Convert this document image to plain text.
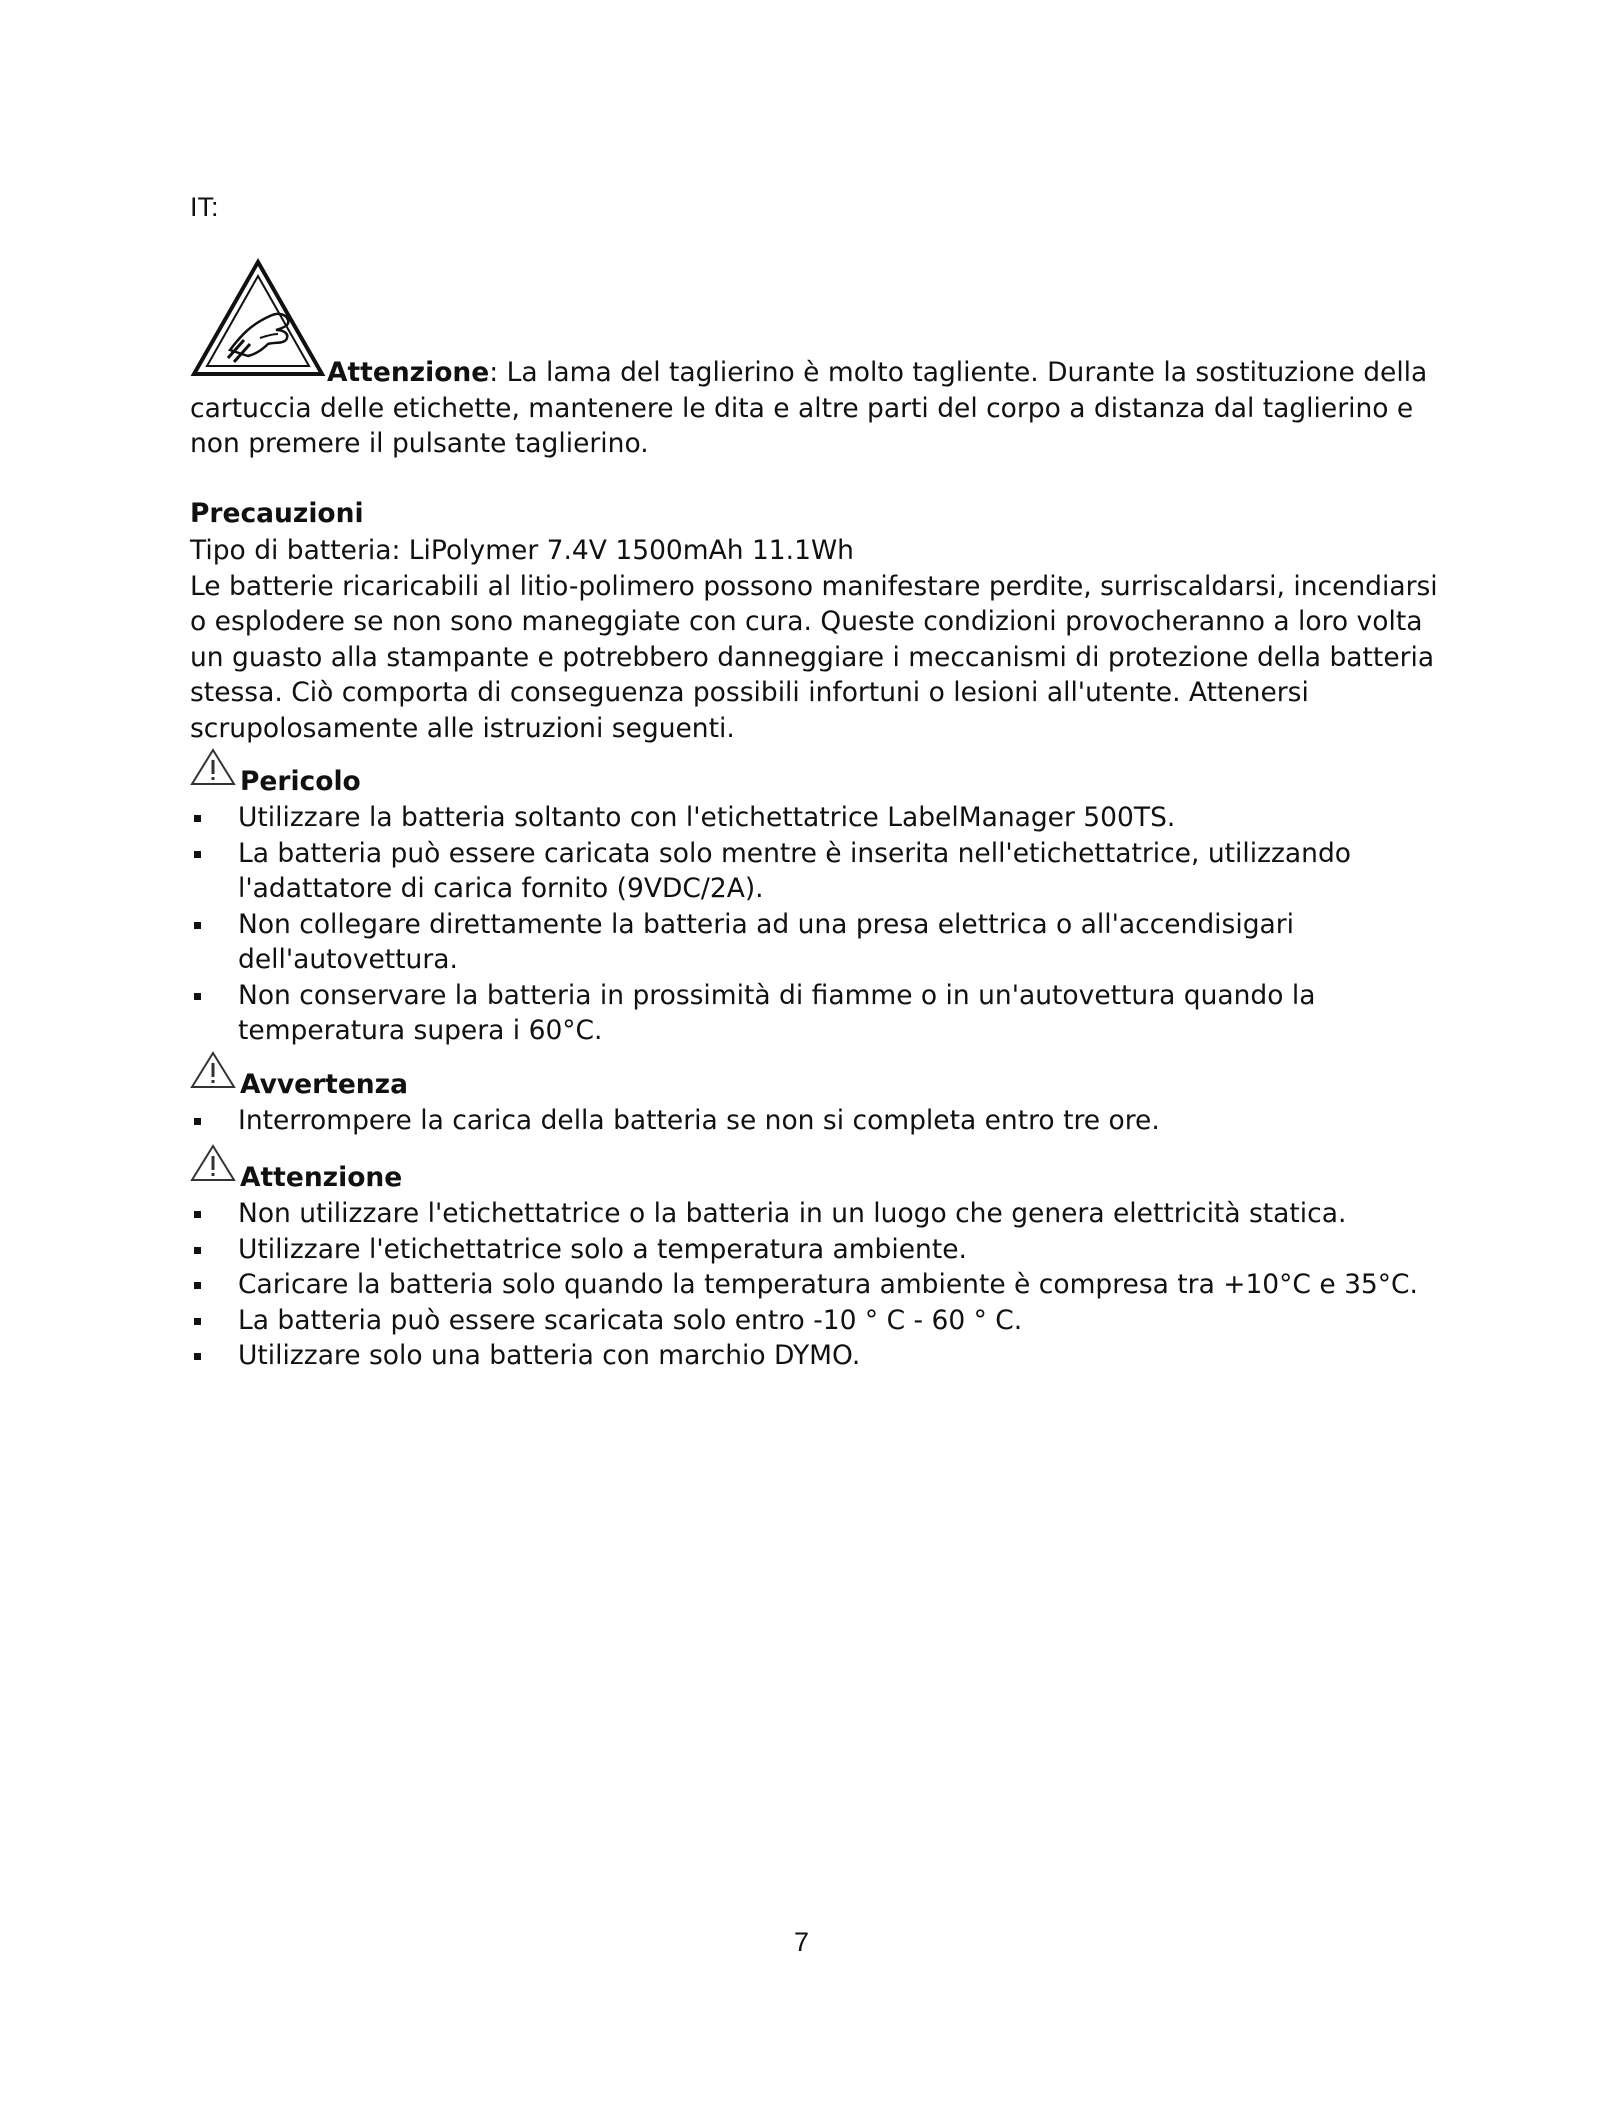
IT:
Attenzione: La lama del taglierino è molto tagliente. Durante la sostituzione della cartuccia delle etichette, mantenere le dita e altre parti del corpo a distanza dal taglierino e non premere il pulsante taglierino.
Precauzioni
Tipo di batteria: LiPolymer 7.4V 1500mAh 11.1Wh
Le batterie ricaricabili al litio-polimero possono manifestare perdite, surriscaldarsi, incendiarsi o esplodere se non sono maneggiate con cura. Queste condizioni provocheranno a loro volta un guasto alla stampante e potrebbero danneggiare i meccanismi di protezione della batteria stessa. Ciò comporta di conseguenza possibili infortuni o lesioni all'utente. Attenersi scrupolosamente alle istruzioni seguenti.
Pericolo
Utilizzare la batteria soltanto con l'etichettatrice LabelManager 500TS.
La batteria può essere caricata solo mentre è inserita nell'etichettatrice, utilizzando l'adattatore di carica fornito (9VDC/2A).
Non collegare direttamente la batteria ad una presa elettrica o all'accendisigari dell'autovettura.
Non conservare la batteria in prossimità di fiamme o in un'autovettura quando la temperatura supera i 60°C.
Avvertenza
Interrompere la carica della batteria se non si completa entro tre ore.
Attenzione
Non utilizzare l'etichettatrice o la batteria in un luogo che genera elettricità statica.
Utilizzare l'etichettatrice solo a temperatura ambiente.
Caricare la batteria solo quando la temperatura ambiente è compresa tra +10°C e 35°C.
La batteria può essere scaricata solo entro -10 ° C - 60 ° C.
Utilizzare solo una batteria con marchio DYMO.
7
